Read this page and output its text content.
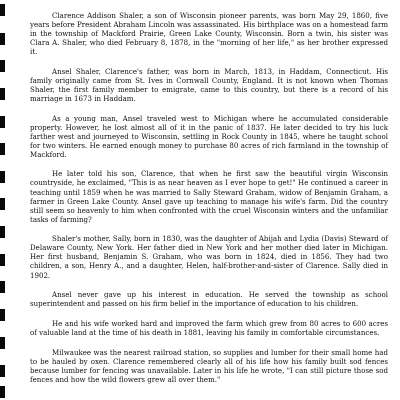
Clarence Addison Shaler, a son of Wisconsin pioneer parents, was born May 29, 1860, five years before President Abraham Lincoln was assassinated. His birthplace was on a homestead farm in the township of Mackford Prairie, Green Lake County, Wisconsin. Born a twin, his sister was Clara A. Shaler, who died February 8, 1878, in the "morning of her life," as her brother expressed it.

Ansel Shaler, Clarence's father, was born in March, 1813, in Haddam, Connecticut. His family originally came from St. Ives in Cornwall County, England. It is not known when Thomas Shaler, the first family member to emigrate, came to this country, but there is a record of his marriage in 1673 in Haddam.

As a young man, Ansel traveled west to Michigan where he accumulated considerable property. However, he lost almost all of it in the panic of 1837. He later decided to try his luck farther west and journeyed to Wisconsin, settling in Rock County in 1845, where he taught school for two winters. He earned enough money to purchase 80 acres of rich farmland in the township of Mackford.

He later told his son, Clarence, that when he first saw the beautiful virgin Wisconsin countryside, he exclaimed, "This is as near heaven as I ever hope to get!" He continued a career in teaching until 1859 when he was married to Sally Steward Graham, widow of Benjamin Graham, a farmer in Green Lake County. Ansel gave up teaching to manage his wife's farm. Did the country still seem so heavenly to him when confronted with the cruel Wisconsin winters and the unfamiliar tasks of farming?

Shaler's mother, Sally, born in 1830, was the daughter of Abijah and Lydia (Davis) Steward of Delaware County, New York. Her father died in New York and her mother died later in Michigan. Her first husband, Benjamin S. Graham, who was born in 1824, died in 1856. They had two children, a son, Henry A., and a daughter, Helen, half-brother-and-sister of Clarence. Sally died in 1902.

Ansel never gave up his interest in education. He served the township as school superintendent and passed on his firm belief in the importance of education to his children.

He and his wife worked hard and improved the farm which grew from 80 acres to 600 acres of valuable land at the time of his death in 1881, leaving his family in comfortable circumstances.

Milwaukee was the nearest railroad station, so supplies and lumber for their small home had to be hauled by oxen. Clarence remembered clearly all of his life how his family built sod fences because lumber for fencing was unavailable. Later in his life he wrote, "I can still picture those sod fences and how the wild flowers grew all over them."
